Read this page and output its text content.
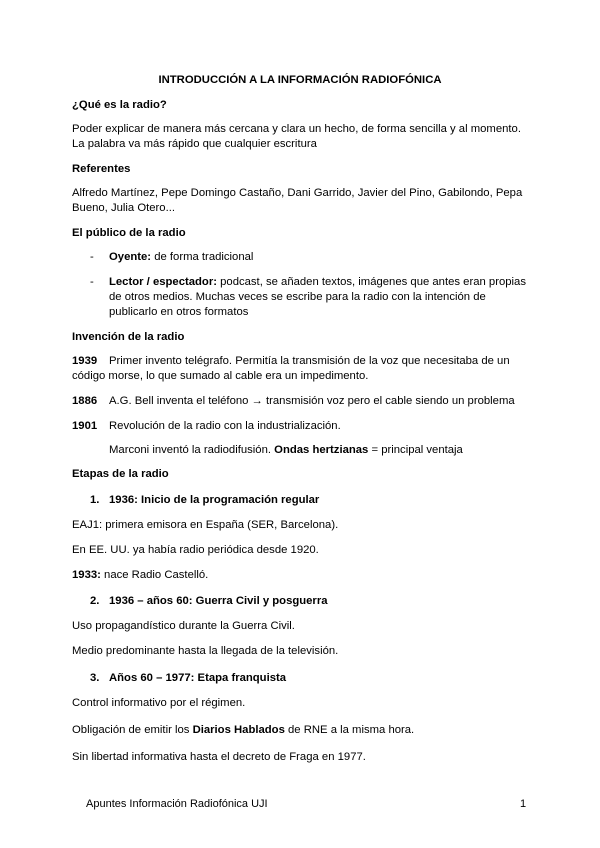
INTRODUCCIÓN A LA INFORMACIÓN RADIOFÓNICA
¿Qué es la radio?
Poder explicar de manera más cercana y clara un hecho, de forma sencilla y al momento.
La palabra va más rápido que cualquier escritura
Referentes
Alfredo Martínez, Pepe Domingo Castaño, Dani Garrido, Javier del Pino, Gabilondo, Pepa
Bueno, Julia Otero...
El público de la radio
- Oyente: de forma tradicional
- Lector / espectador: podcast, se añaden textos, imágenes que antes eran propias
de otros medios. Muchas veces se escribe para la radio con la intención de
publicarlo en otros formatos
Invención de la radio
1939 Primer invento telégrafo. Permitía la transmisión de la voz que necesitaba de un
código morse, lo que sumado al cable era un impedimento.
1886 A.G. Bell inventa el teléfono → transmisión voz pero el cable siendo un problema
1901 Revolución de la radio con la industrialización.
Marconi inventó la radiodifusión. Ondas hertzianas = principal ventaja
Etapas de la radio
1. 1936: Inicio de la programación regular
EAJ1: primera emisora en España (SER, Barcelona).
En EE. UU. ya había radio periódica desde 1920.
1933: nace Radio Castelló.
2. 1936 – años 60: Guerra Civil y posguerra
Uso propagandístico durante la Guerra Civil.
Medio predominante hasta la llegada de la televisión.
3. Años 60 – 1977: Etapa franquista
Control informativo por el régimen.
Obligación de emitir los Diarios Hablados de RNE a la misma hora.
Sin libertad informativa hasta el decreto de Fraga en 1977.
Apuntes Información Radiofónica UJI	1
